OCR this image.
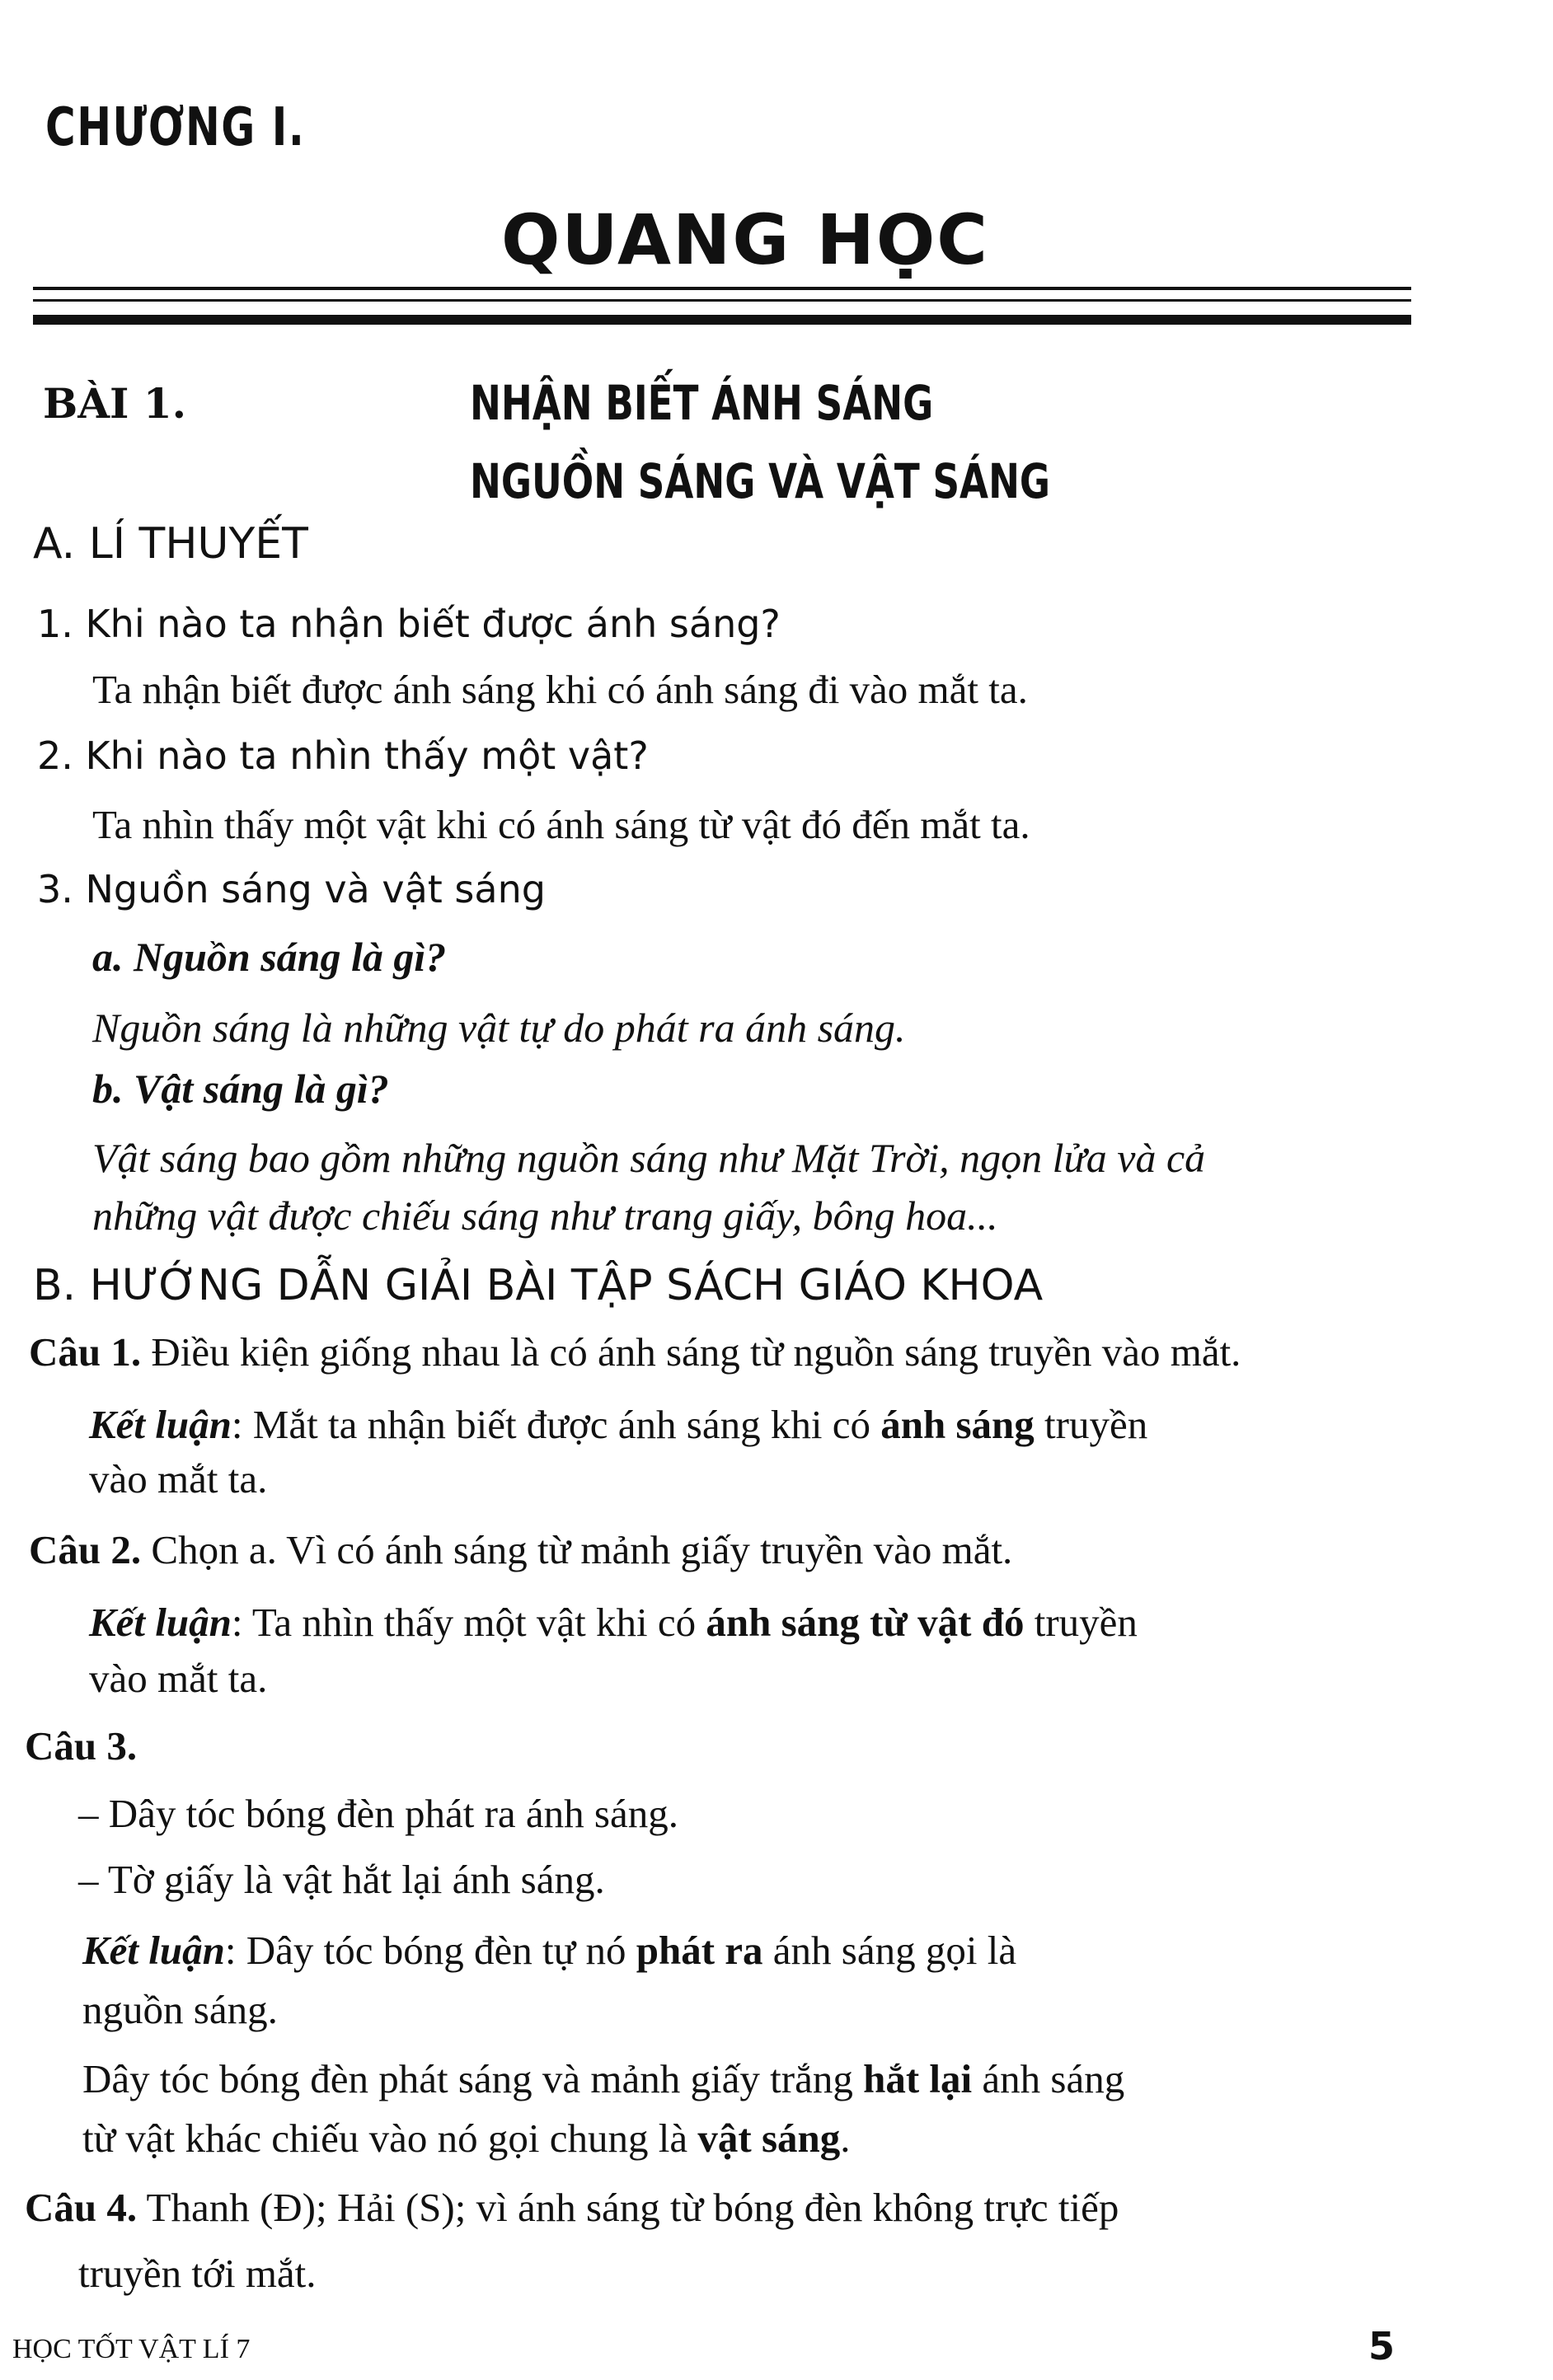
CHƯƠNG I.
QUANG HỌC
BÀI 1.	NHẬN BIẾT ÁNH SÁNG
NGUỒN SÁNG VÀ VẬT SÁNG
A. LÍ THUYẾT
1. Khi nào ta nhận biết được ánh sáng?
Ta nhận biết được ánh sáng khi có ánh sáng đi vào mắt ta.
2. Khi nào ta nhìn thấy một vật?
Ta nhìn thấy một vật khi có ánh sáng từ vật đó đến mắt ta.
3. Nguồn sáng và vật sáng
a. Nguồn sáng là gì?
Nguồn sáng là những vật tự do phát ra ánh sáng.
b. Vật sáng là gì?
Vật sáng bao gồm những nguồn sáng như Mặt Trời, ngọn lửa và cả
những vật được chiếu sáng như trang giấy, bông hoa...
B. HƯỚNG DẪN GIẢI BÀI TẬP SÁCH GIÁO KHOA
Câu 1. Điều kiện giống nhau là có ánh sáng từ nguồn sáng truyền vào mắt.
Kết luận: Mắt ta nhận biết được ánh sáng khi có ánh sáng truyền
vào mắt ta.
Câu 2. Chọn a. Vì có ánh sáng từ mảnh giấy truyền vào mắt.
Kết luận: Ta nhìn thấy một vật khi có ánh sáng từ vật đó truyền
vào mắt ta.
Câu 3.
– Dây tóc bóng đèn phát ra ánh sáng.
– Tờ giấy là vật hắt lại ánh sáng.
Kết luận: Dây tóc bóng đèn tự nó phát ra ánh sáng gọi là
nguồn sáng.
Dây tóc bóng đèn phát sáng và mảnh giấy trắng hắt lại ánh sáng
từ vật khác chiếu vào nó gọi chung là vật sáng.
Câu 4. Thanh (Đ); Hải (S); vì ánh sáng từ bóng đèn không trực tiếp
truyền tới mắt.
HỌC TỐT VẬT LÍ 7	5
